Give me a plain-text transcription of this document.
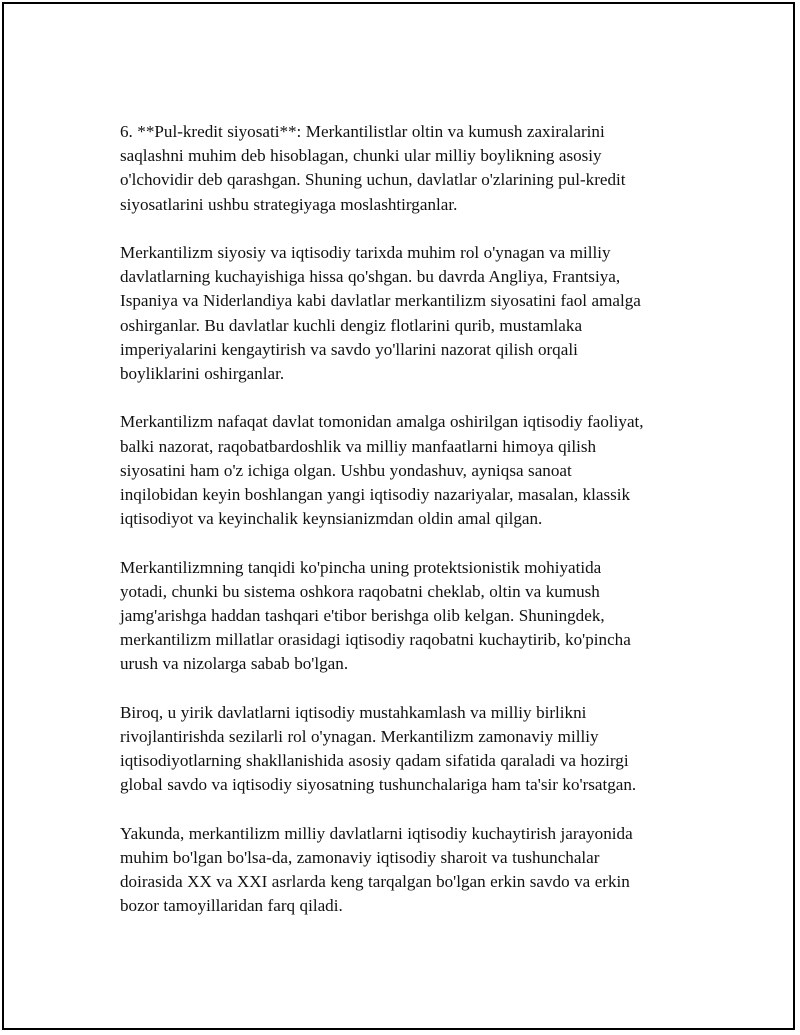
6. **Pul-kredit siyosati**: Merkantilistlar oltin va kumush zaxiralarini
saqlashni muhim deb hisoblagan, chunki ular milliy boylikning asosiy
o'lchovidir deb qarashgan. Shuning uchun, davlatlar o'zlarining pul-kredit
siyosatlarini ushbu strategiyaga moslashtirganlar.

Merkantilizm siyosiy va iqtisodiy tarixda muhim rol o'ynagan va milliy
davlatlarning kuchayishiga hissa qo'shgan. bu davrda Angliya, Frantsiya,
Ispaniya va Niderlandiya kabi davlatlar merkantilizm siyosatini faol amalga
oshirganlar. Bu davlatlar kuchli dengiz flotlarini qurib, mustamlaka
imperiyalarini kengaytirish va savdo yo'llarini nazorat qilish orqali
boyliklarini oshirganlar.

Merkantilizm nafaqat davlat tomonidan amalga oshirilgan iqtisodiy faoliyat,
balki nazorat, raqobatbardoshlik va milliy manfaatlarni himoya qilish
siyosatini ham o'z ichiga olgan. Ushbu yondashuv, ayniqsa sanoat
inqilobidan keyin boshlangan yangi iqtisodiy nazariyalar, masalan, klassik
iqtisodiyot va keyinchalik keynsianizmdan oldin amal qilgan.

Merkantilizmning tanqidi ko'pincha uning protektsionistik mohiyatida
yotadi, chunki bu sistema oshkora raqobatni cheklab, oltin va kumush
jamg'arishga haddan tashqari e'tibor berishga olib kelgan. Shuningdek,
merkantilizm millatlar orasidagi iqtisodiy raqobatni kuchaytirib, ko'pincha
urush va nizolarga sabab bo'lgan.

Biroq, u yirik davlatlarni iqtisodiy mustahkamlash va milliy birlikni
rivojlantirishda sezilarli rol o'ynagan. Merkantilizm zamonaviy milliy
iqtisodiyotlarning shakllanishida asosiy qadam sifatida qaraladi va hozirgi
global savdo va iqtisodiy siyosatning tushunchalariga ham ta'sir ko'rsatgan.

Yakunda, merkantilizm milliy davlatlarni iqtisodiy kuchaytirish jarayonida
muhim bo'lgan bo'lsa-da, zamonaviy iqtisodiy sharoit va tushunchalar
doirasida XX va XXI asrlarda keng tarqalgan bo'lgan erkin savdo va erkin
bozor tamoyillaridan farq qiladi.
